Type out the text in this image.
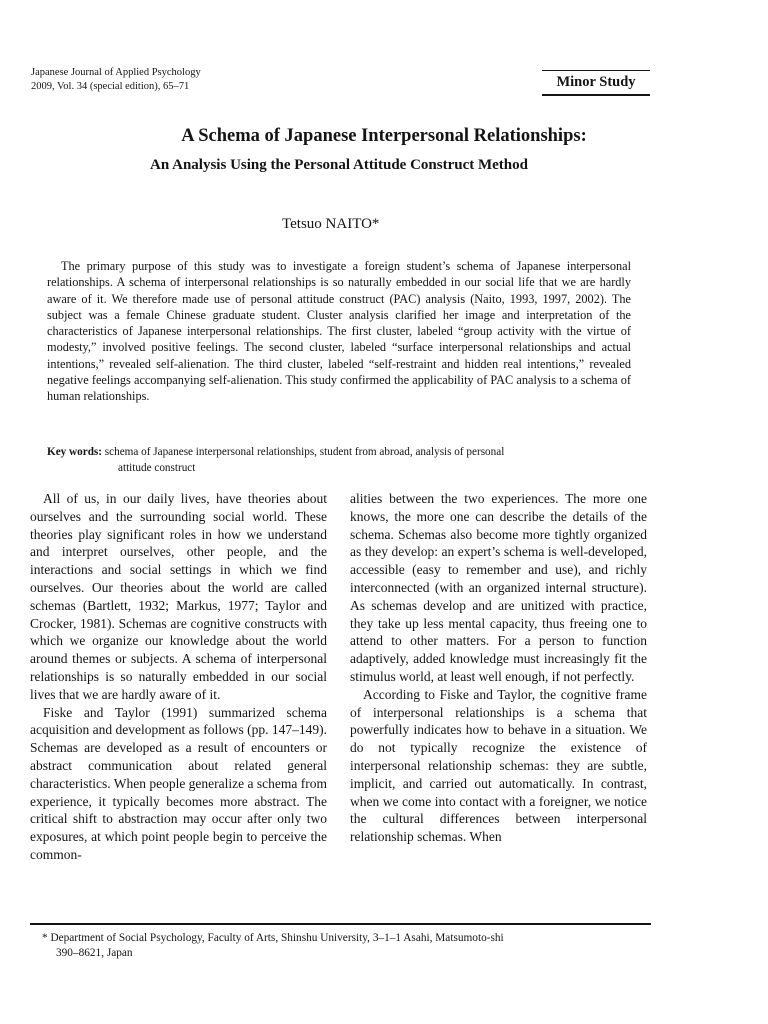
Japanese Journal of Applied Psychology
2009, Vol. 34 (special edition), 65–71	Minor Study
A Schema of Japanese Interpersonal Relationships:
An Analysis Using the Personal Attitude Construct Method
Tetsuo NAITO*

The primary purpose of this study was to investigate a foreign student’s schema of Japanese interpersonal relationships. A schema of interpersonal relationships is so naturally embedded in our social life that we are hardly aware of it. We therefore made use of personal attitude construct (PAC) analysis (Naito, 1993, 1997, 2002). The subject was a female Chinese graduate student. Cluster analysis clarified her image and interpretation of the characteristics of Japanese interpersonal relationships. The first cluster, labeled “group activity with the virtue of modesty,” involved positive feelings. The second cluster, labeled “surface interpersonal relationships and actual intentions,” revealed self-alienation. The third cluster, labeled “self-restraint and hidden real intentions,” revealed negative feelings accompanying self-alienation. This study confirmed the applicability of PAC analysis to a schema of human relationships.

Key words: schema of Japanese interpersonal relationships, student from abroad, analysis of personal
attitude construct

All of us, in our daily lives, have theories about ourselves and the surrounding social world. These theories play significant roles in how we understand and interpret ourselves, other people, and the interactions and social settings in which we find ourselves. Our theories about the world are called schemas (Bartlett, 1932; Markus, 1977; Taylor and Crocker, 1981). Schemas are cognitive constructs with which we organize our knowledge about the world around themes or subjects. A schema of interpersonal relationships is so naturally embedded in our social lives that we are hardly aware of it.

Fiske and Taylor (1991) summarized schema acquisition and development as follows (pp. 147–149). Schemas are developed as a result of encounters or abstract communication about related general characteristics. When people generalize a schema from experience, it typically becomes more abstract. The critical shift to abstraction may occur after only two exposures, at which point people begin to perceive the common-

alities between the two experiences. The more one knows, the more one can describe the details of the schema. Schemas also become more tightly organized as they develop: an expert’s schema is well-developed, accessible (easy to remember and use), and richly interconnected (with an organized internal structure). As schemas develop and are unitized with practice, they take up less mental capacity, thus freeing one to attend to other matters. For a person to function adaptively, added knowledge must increasingly fit the stimulus world, at least well enough, if not perfectly.

According to Fiske and Taylor, the cognitive frame of interpersonal relationships is a schema that powerfully indicates how to behave in a situation. We do not typically recognize the existence of interpersonal relationship schemas: they are subtle, implicit, and carried out automatically. In contrast, when we come into contact with a foreigner, we notice the cultural differences between interpersonal relationship schemas. When

* Department of Social Psychology, Faculty of Arts, Shinshu University, 3–1–1 Asahi, Matsumoto-shi
390–8621, Japan
